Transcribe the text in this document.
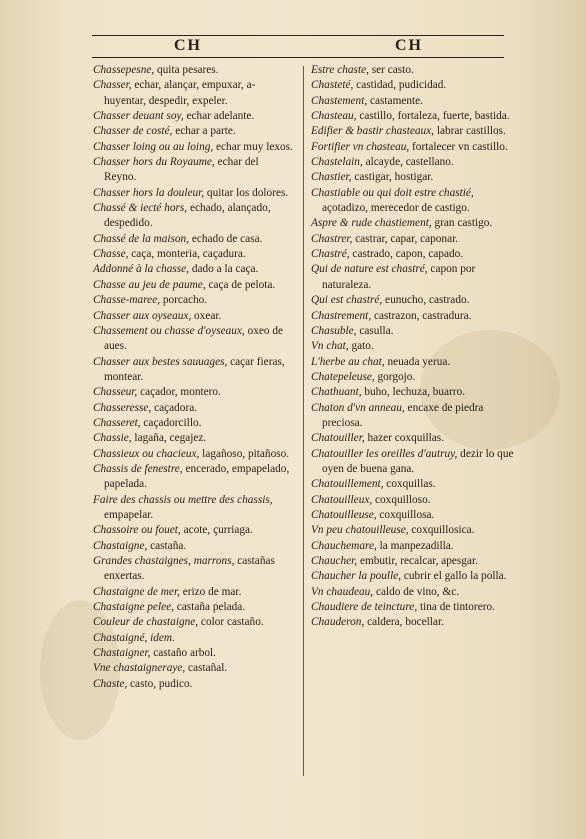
CH	CH

Chassepesne, quita pesares.

Chasser, echar, alançar, empuxar, a-huyentar, despedir, expeler.

Chasser deuant soy, echar adelante.

Chasser de costé, echar a parte.

Chasser loing ou au loing, echar muy lexos.

Chasser hors du Royaume, echar del Reyno.

Chasser hors la douleur, quitar los dolores.

Chassé & iecté hors, echado, alançado, despedido.

Chassé de la maison, echado de casa.

Chasse, caça, monteria, caçadura.

Addonné à la chasse, dado a la caça.

Chasse au jeu de paume, caça de pelota.

Chasse-maree, porcacho.

Chasser aux oyseaux, oxear.

Chassement ou chasse d'oyseaux, oxeo de aues.

Chasser aux bestes sauuages, caçar fieras, montear.

Chasseur, caçador, montero.

Chasseresse, caçadora.

Chasseret, caçadorcillo.

Chassie, lagaña, cegajez.

Chassieux ou chacieux, lagañoso, pitañoso.

Chassis de fenestre, encerado, empapelado, papelada.

Faire des chassis ou mettre des chassis, empapelar.

Chassoire ou fouet, acote, çurriaga.

Chastaigne, castaña.

Grandes chastaignes, marrons, castañas enxertas.

Chastaigne de mer, erizo de mar.

Chastaigne pelee, castaña pelada.

Couleur de chastaigne, color castaño.

Chastaigné, idem.

Chastaigner, castaño arbol.

Vne chastaigneraye, castañal.

Chaste, casto, pudico.

Estre chaste, ser casto.

Chasteté, castidad, pudicidad.

Chastement, castamente.

Chasteau, castillo, fortaleza, fuerte, bastida.

Edifier & bastir chasteaux, labrar castillos.

Fortifier vn chasteau, fortalecer vn castillo.

Chastelain, alcayde, castellano.

Chastier, castigar, hostigar.

Chastiable ou qui doit estre chastié, açotadizo, merecedor de castigo.

Aspre & rude chastiement, gran castigo.

Chastrer, castrar, capar, caponar.

Chastré, castrado, capon, capado.

Qui de nature est chastré, capon por naturaleza.

Qui est chastré, eunucho, castrado.

Chastrement, castrazon, castradura.

Chasuble, casulla.

Vn chat, gato.

L'herbe au chat, neuada yerua.

Chatepeleuse, gorgojo.

Chathuant, buho, lechuza, buarro.

Chaton d'vn anneau, encaxe de piedra preciosa.

Chatouiller, hazer coxquillas.

Chatouiller les oreilles d'autruy, dezir lo que oyen de buena gana.

Chatouillement, coxquillas.

Chatouilleux, coxquilloso.

Chatouilleuse, coxquillosa.

Vn peu chatouilleuse, coxquillosica.

Chauchemare, la manpezadilla.

Chaucher, embutir, recalcar, apesgar.

Chaucher la poulle, cubrir el gallo la polla.

Vn chaudeau, caldo de vino, &c.

Chaudiere de teincture, tina de tintorero.

Chauderon, caldera, bocellar.
